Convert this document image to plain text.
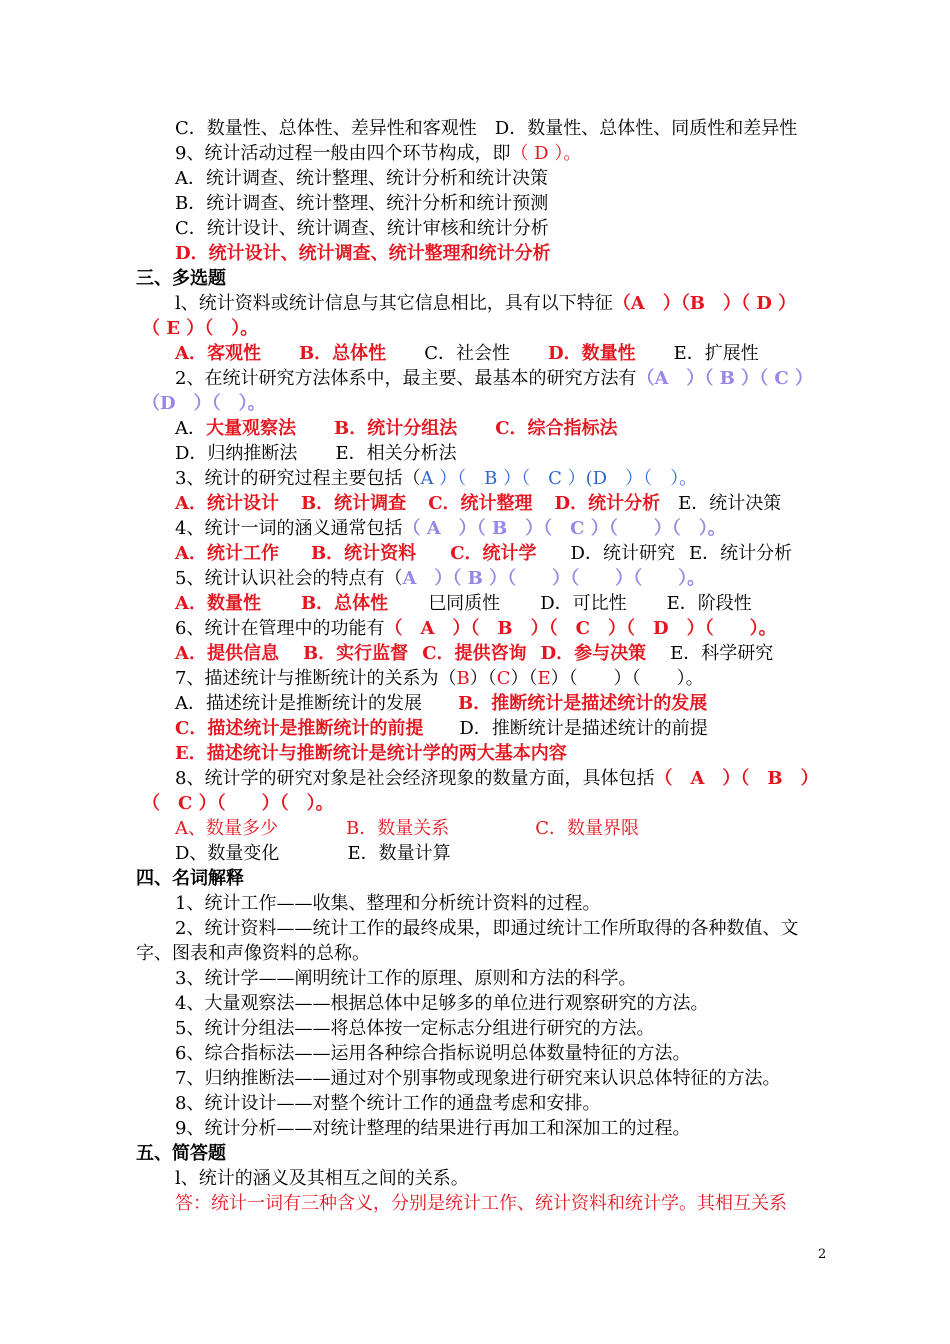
C．数量性、总体性、差异性和客观性　D．数量性、总体性、同质性和差异性
9、统计活动过程一般由四个环节构成，即（ D ）。
A．统计调查、统计整理、统计分析和统计决策
B．统计调查、统计整理、统汁分析和统计预测
C．统计设计、统计调查、统计审核和统计分析
D．统计设计、统计调查、统计整理和统计分析
三、多选题
l、统计资料或统计信息与其它信息相比，具有以下特征（A　）（B　）（ D ）
（ E ）（　）。
A．客观性 B．总体性 C．社会性 D．数量性 E．扩展性
2、在统计研究方法体系中，最主要、最基本的研究方法有（A　）（ B ）（ C ）
（D　）（　）。
A．大量观察法 B．统计分组法 C．综合指标法
D．归纳推断法 E．相关分析法
3、统计的研究过程主要包括（A ）（　B ）（　C ）(D　）（　）。
A．统计设计 B．统计调查 C．统计整理 D．统计分析 E．统计决策
4、统计一词的涵义通常包括（ A　）（ B　）（　C ）（　　）（　）。
A．统计工作 B．统计资料 C．统计学 D．统计研究 E．统计分析
5、统计认识社会的特点有（A　）（ B ）（　　）（　　）（　　）。
A．数量性 B．总体性 巳同质性 D．可比性 E．阶段性
6、统计在管理中的功能有（　A　）（　B　）（　C　）（　D　）（　　）。
A．提供信息 B．实行监督 C．提供咨询 D．参与决策 E．科学研究
7、描述统计与推断统计的关系为（B）（C）（E）（　　）（　　）。
A．描述统计是推断统计的发展 B．推断统计是描述统计的发展
C．描述统计是推断统计的前提 D．推断统计是描述统计的前提
E．描述统计与推断统计是统计学的两大基本内容
8、统计学的研究对象是社会经济现象的数量方面，具体包括（　A　）（　B　）
（　C ）（　　）（　）。
A、数量多少	B．数量关系	C．数量界限
D、数量变化	E．数量计算
四、名词解释
1、统计工作——收集、整理和分析统计资料的过程。
2、统计资料——统计工作的最终成果，即通过统计工作所取得的各种数值、文
字、图表和声像资料的总称。
3、统计学——阐明统计工作的原理、原则和方法的科学。
4、大量观察法——根据总体中足够多的单位进行观察研究的方法。
5、统计分组法——将总体按一定标志分组进行研究的方法。
6、综合指标法——运用各种综合指标说明总体数量特征的方法。
7、归纳推断法——通过对个别事物或现象进行研究来认识总体特征的方法。
8、统计设计——对整个统计工作的通盘考虑和安排。
9、统计分析——对统计整理的结果进行再加工和深加工的过程。
五、简答题
l、统计的涵义及其相互之间的关系。
答：统计一词有三种含义，分别是统计工作、统计资料和统计学。其相互关系
2
